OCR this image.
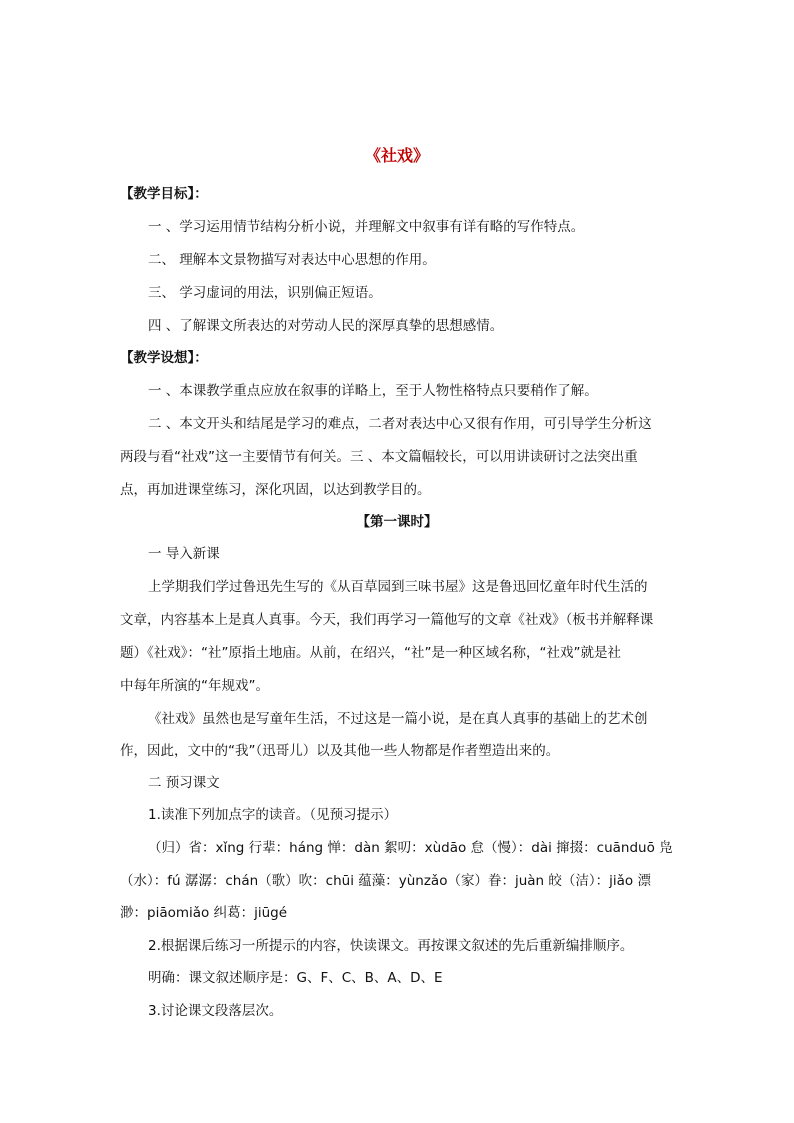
《社戏》
【教学目标】：
一 、学习运用情节结构分析小说，并理解文中叙事有详有略的写作特点。
二、 理解本文景物描写对表达中心思想的作用。
三、 学习虚词的用法，识别偏正短语。
四 、了解课文所表达的对劳动人民的深厚真挚的思想感情。
【教学设想】：
一 、本课教学重点应放在叙事的详略上，至于人物性格特点只要稍作了解。
二 、本文开头和结尾是学习的难点，二者对表达中心又很有作用，可引导学生分析这
两段与看“社戏”这一主要情节有何关。三 、本文篇幅较长，可以用讲读研讨之法突出重
点，再加进课堂练习，深化巩固，以达到教学目的。
【第一课时】
一 导入新课
上学期我们学过鲁迅先生写的《从百草园到三味书屋》这是鲁迅回忆童年时代生活的
文章，内容基本上是真人真事。今天，我们再学习一篇他写的文章《社戏》（板书并解释课
题）《社戏》：“社”原指土地庙。从前，在绍兴，“社”是一种区域名称，“社戏”就是社
中每年所演的“年规戏”。
《社戏》虽然也是写童年生活，不过这是一篇小说，是在真人真事的基础上的艺术创
作，因此，文中的“我”（迅哥儿）以及其他一些人物都是作者塑造出来的。
二 预习课文
1.读准下列加点字的读音。（见预习提示）
（归）省：xǐng 行辈：háng 惮：dàn 絮叨：xùdāo 怠（慢）：dài 撺掇：cuānduō 凫
（水）：fú 潺潺：chán（歌）吹：chūi 蕴藻：yùnzǎo（家）眷：juàn 皎（洁）：jiǎo 漂
渺：piāomiǎo 纠葛：jiūgé
2.根据课后练习一所提示的内容，快读课文。再按课文叙述的先后重新编排顺序。
明确：课文叙述顺序是：G、F、C、B、A、D、E
3.讨论课文段落层次。
